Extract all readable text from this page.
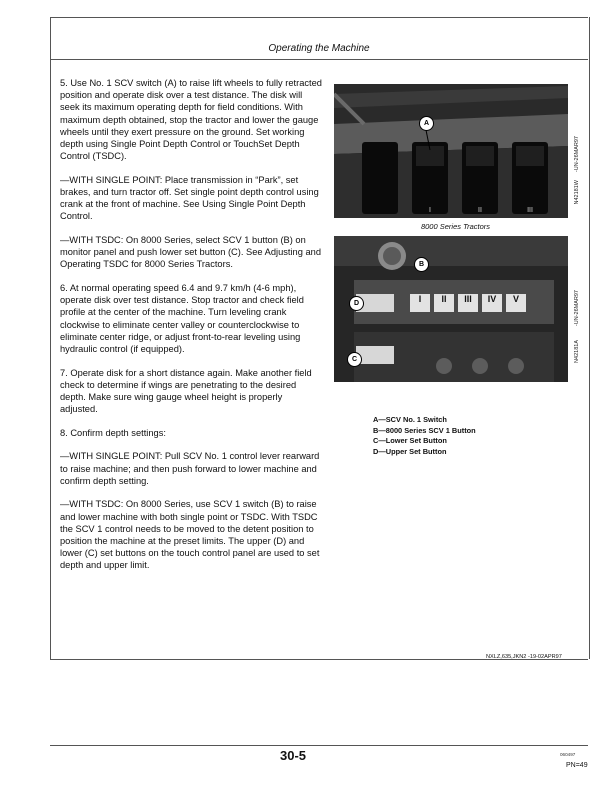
Operating the Machine

5. Use No. 1 SCV switch (A) to raise lift wheels to fully retracted position and operate disk over a test distance. The disk will seek its maximum operating depth for field conditions. With maximum depth obtained, stop the tractor and lower the gauge wheels until they exert pressure on the ground. Set working depth using Single Point Depth Control or TouchSet Depth Control (TSDC).

—WITH SINGLE POINT: Place transmission in “Park”, set brakes, and turn tractor off. Set single point depth control using crank at the front of machine. See Using Single Point Depth Control.

—WITH TSDC: On 8000 Series, select SCV 1 button (B) on monitor panel and push lower set button (C). See Adjusting and Operating TSDC for 8000 Series Tractors.

6. At normal operating speed 6.4 and 9.7 km/h (4-6 mph), operate disk over test distance. Stop tractor and check field profile at the center of the machine. Turn leveling crank clockwise to eliminate center valley or counterclockwise to eliminate center ridge, or adjust front-to-rear leveling using hydraulic control (if equipped).

7. Operate disk for a short distance again. Make another field check to determine if wings are penetrating to the desired depth. Make sure wing gauge wheel height is properly adjusted.

8. Confirm depth settings:

—WITH SINGLE POINT: Pull SCV No. 1 control lever rearward to raise machine; and then push forward to lower machine and confirm depth setting.

—WITH TSDC: On 8000 Series, use SCV 1 switch (B) to raise and lower machine with both single point or TSDC. With TSDC the SCV 1 control needs to be moved to the detent position to position the machine at the preset limits. The upper (D) and lower (C) set buttons on the touch control panel are used to set depth and upper limit.

I	II	III
A
-UN-26MAR97
N42181W
8000 Series Tractors
I	II	III	IV	V
B
D
C
-UN-26MAR97
N42181A
A—SCV No. 1 Switch
B—8000 Series SCV 1 Button
C—Lower Set Button
D—Upper Set Button
NXLZ,635,JKN2 -19-02APR97
30-5	060497
PN=49
